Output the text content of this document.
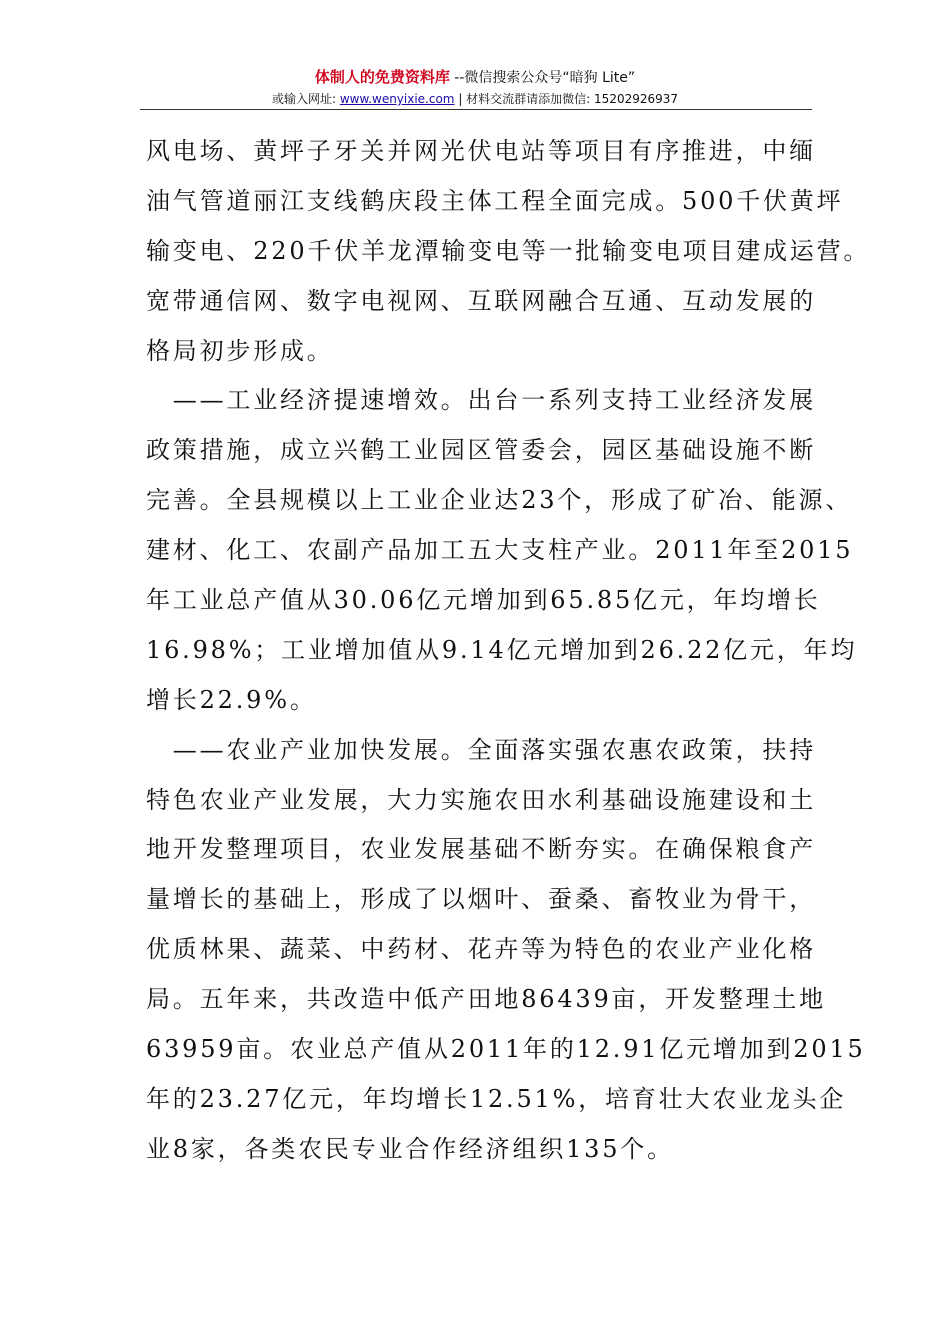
体制人的免费资料库 --微信搜索公众号“暗狗 Lite”
或输入网址: www.wenyixie.com | 材料交流群请添加微信: 15202926937
风电场、黄坪子牙关并网光伏电站等项目有序推进，中缅
油气管道丽江支线鹤庆段主体工程全面完成。500千伏黄坪
输变电、220千伏羊龙潭输变电等一批输变电项目建成运营。
宽带通信网、数字电视网、互联网融合互通、互动发展的
格局初步形成。
　——工业经济提速增效。出台一系列支持工业经济发展
政策措施，成立兴鹤工业园区管委会，园区基础设施不断
完善。全县规模以上工业企业达23个，形成了矿冶、能源、
建材、化工、农副产品加工五大支柱产业。2011年至2015
年工业总产值从30.06亿元增加到65.85亿元，年均增长
16.98%；工业增加值从9.14亿元增加到26.22亿元，年均
增长22.9%。
　——农业产业加快发展。全面落实强农惠农政策，扶持
特色农业产业发展，大力实施农田水利基础设施建设和土
地开发整理项目，农业发展基础不断夯实。在确保粮食产
量增长的基础上，形成了以烟叶、蚕桑、畜牧业为骨干，
优质林果、蔬菜、中药材、花卉等为特色的农业产业化格
局。五年来，共改造中低产田地86439亩，开发整理土地
63959亩。农业总产值从2011年的12.91亿元增加到2015
年的23.27亿元，年均增长12.51%，培育壮大农业龙头企
业8家，各类农民专业合作经济组织135个。
